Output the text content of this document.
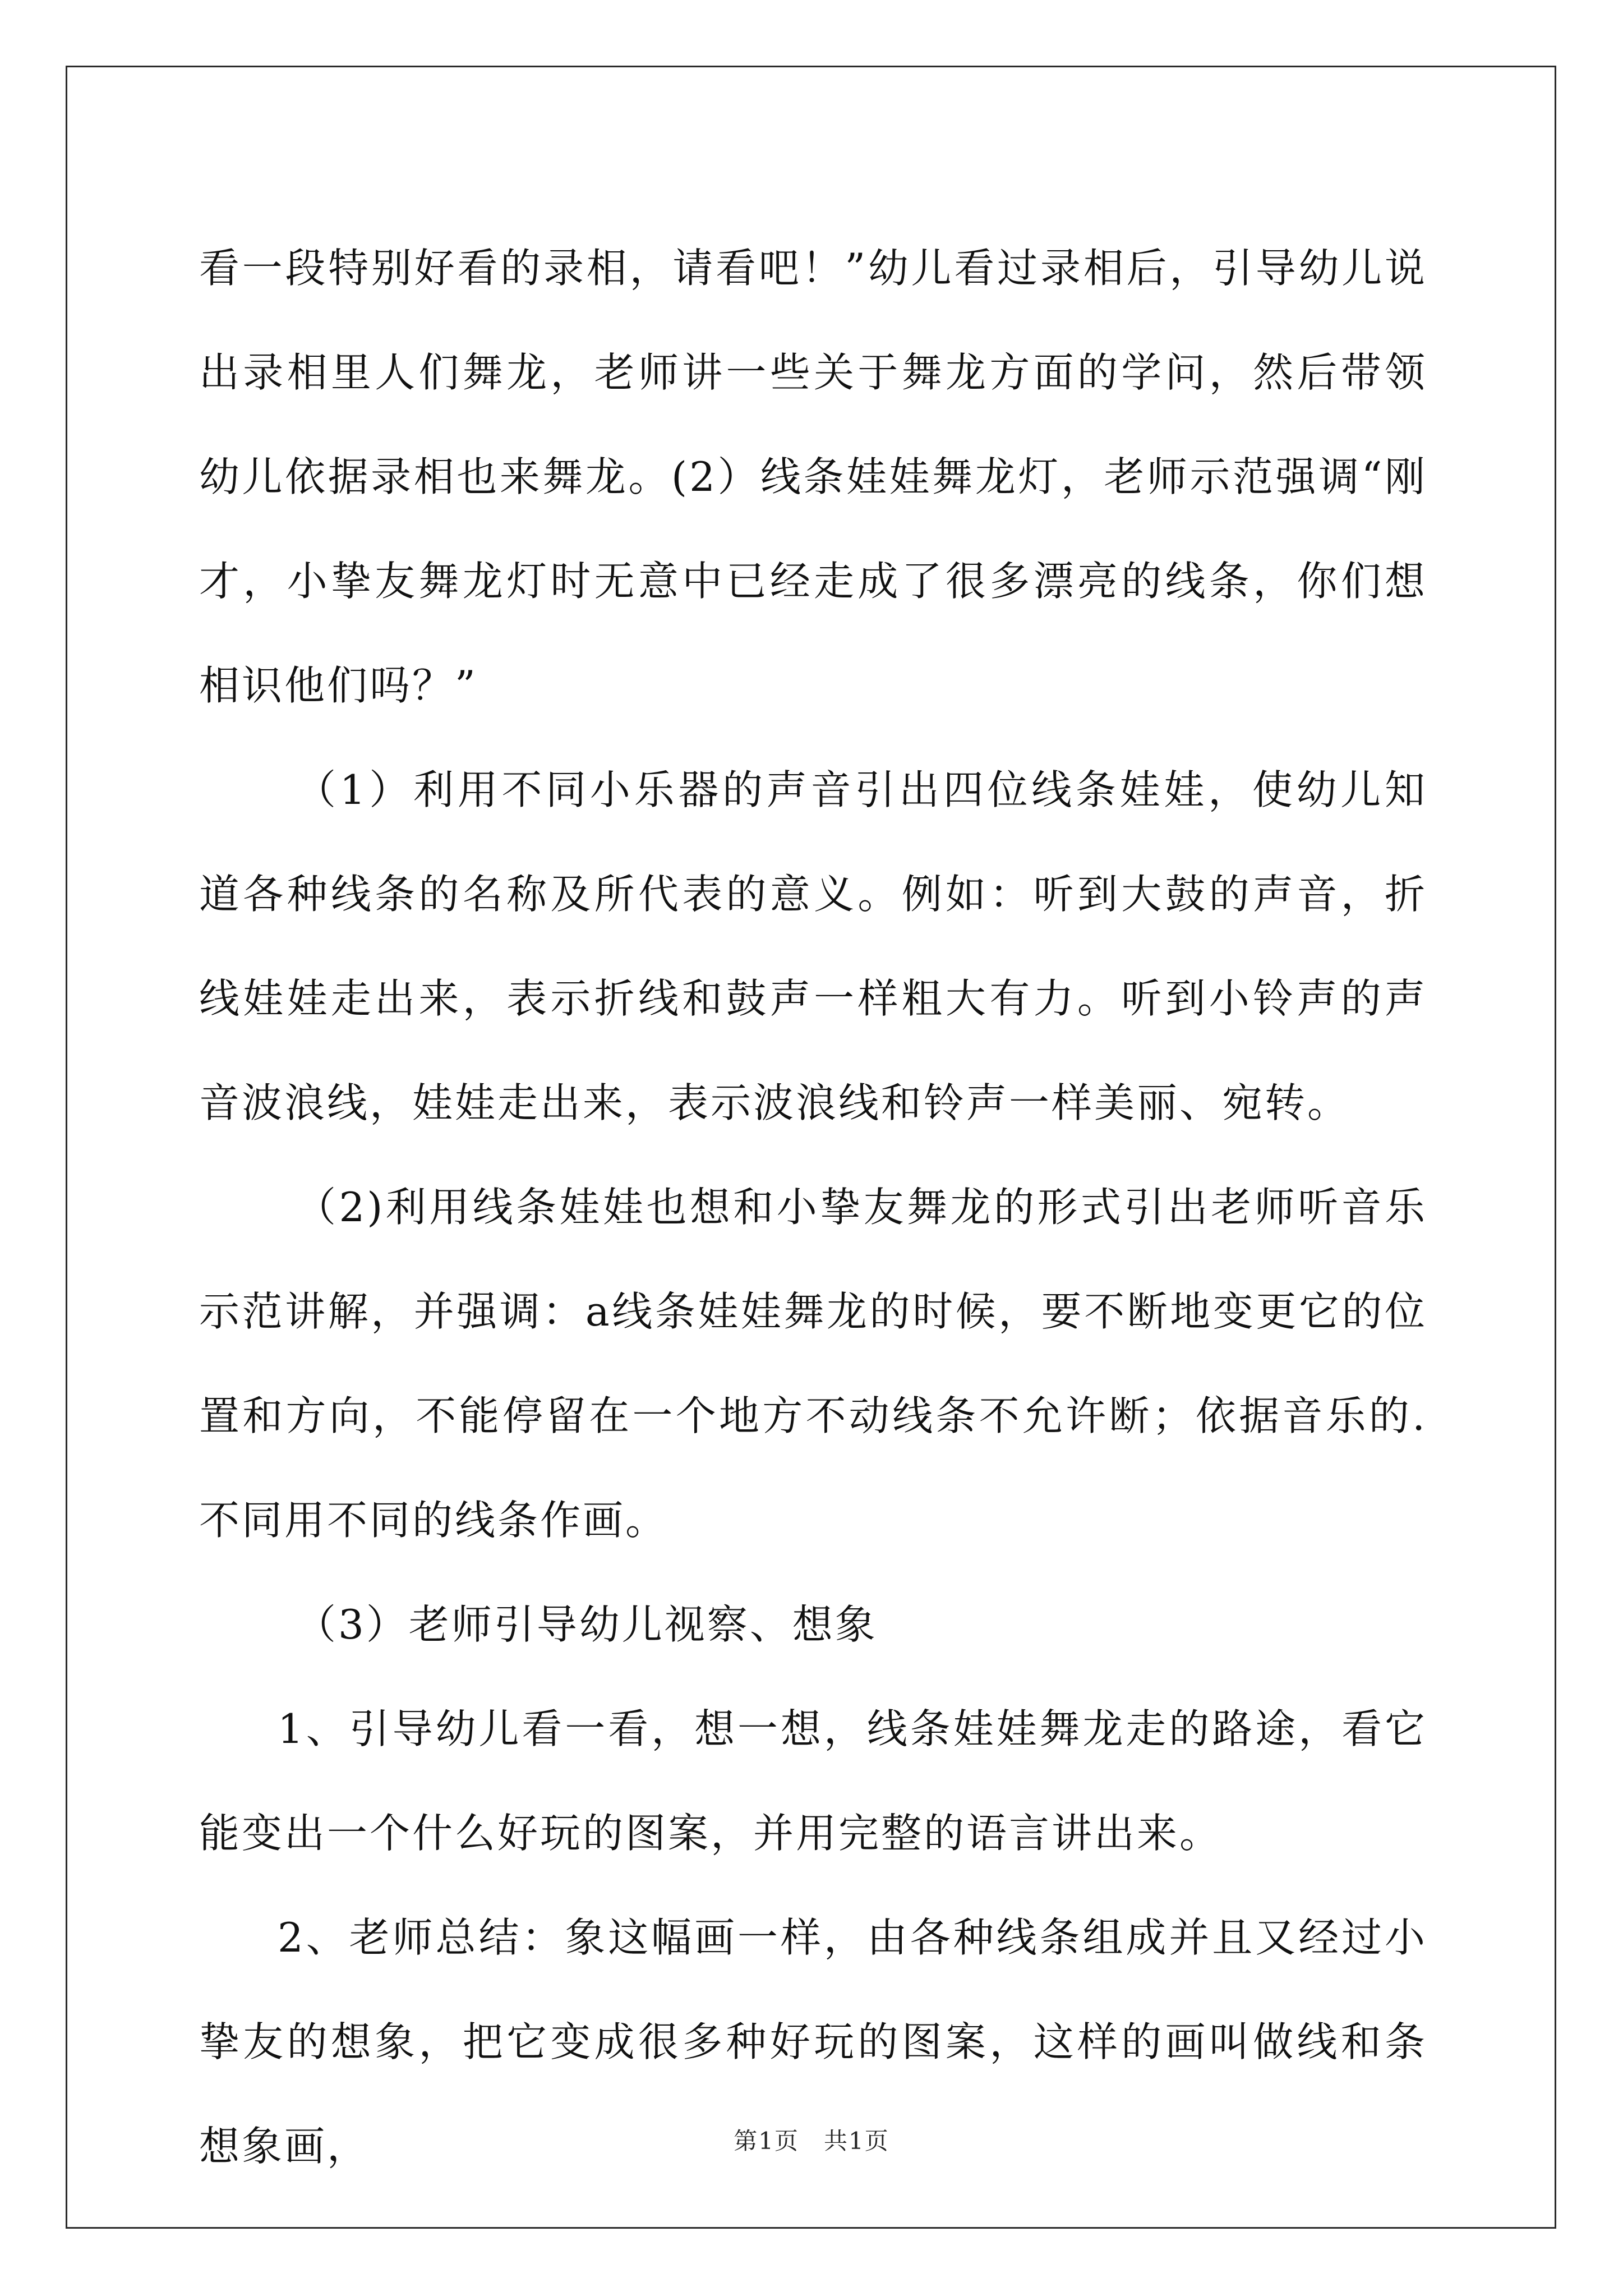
看一段特别好看的录相，请看吧！”幼儿看过录相后，引导幼儿说出录相里人们舞龙，老师讲一些关于舞龙方面的学问，然后带领幼儿依据录相也来舞龙。(2）线条娃娃舞龙灯，老师示范强调“刚才，小挚友舞龙灯时无意中已经走成了很多漂亮的线条，你们想相识他们吗？”

（1）利用不同小乐器的声音引出四位线条娃娃，使幼儿知道各种线条的名称及所代表的意义。例如：听到大鼓的声音，折线娃娃走出来，表示折线和鼓声一样粗大有力。听到小铃声的声音波浪线，娃娃走出来，表示波浪线和铃声一样美丽、宛转。

（2)利用线条娃娃也想和小挚友舞龙的形式引出老师听音乐示范讲解，并强调：a线条娃娃舞龙的时候，要不断地变更它的位置和方向，不能停留在一个地方不动线条不允许断；依据音乐的.不同用不同的线条作画。

（3）老师引导幼儿视察、想象

1、引导幼儿看一看，想一想，线条娃娃舞龙走的路途，看它能变出一个什么好玩的图案，并用完整的语言讲出来。

2、老师总结：象这幅画一样，由各种线条组成并且又经过小挚友的想象，把它变成很多种好玩的图案，这样的画叫做线和条想象画，	第1页　共1页
